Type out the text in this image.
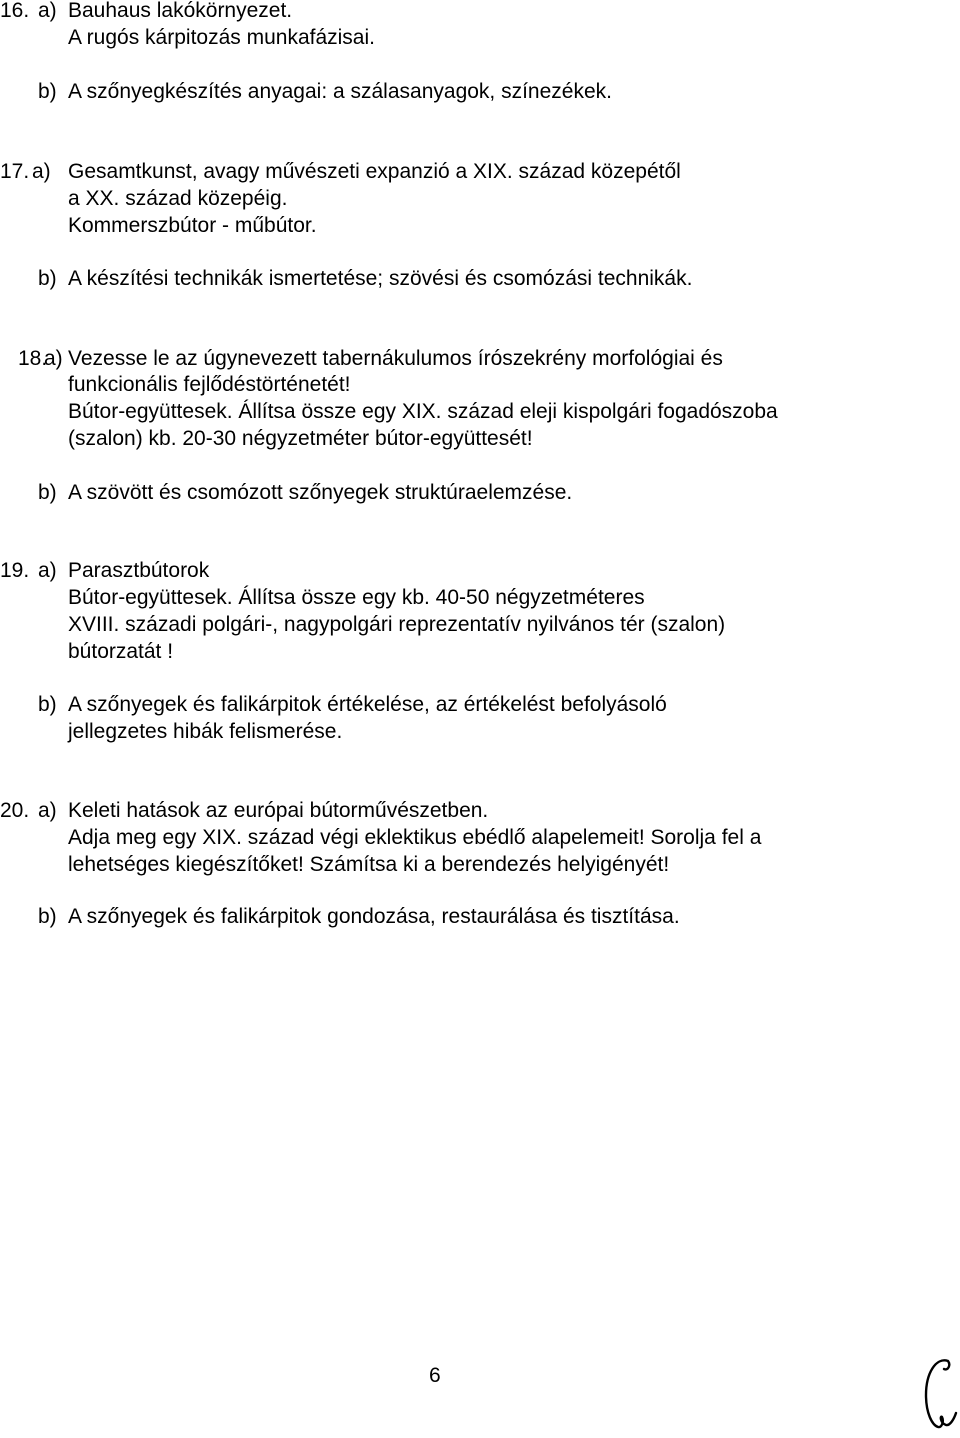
16. a) Bauhaus lakókörnyezet.
A rugós kárpitozás munkafázisai.
b) A szőnyegkészítés anyagai: a szálasanyagok, színezékek.
17. a) Gesamtkunst, avagy művészeti expanzió a XIX. század közepétől
a XX. század közepéig.
Kommerszbútor - műbútor.
b) A készítési technikák ismertetése; szövési és csomózási technikák.
18.
a) Vezesse le az úgynevezett tabernákulumos írószekrény morfológiai és
funkcionális fejlődéstörténetét!
Bútor-együttesek. Állítsa össze egy XIX. század eleji kispolgári fogadószoba
(szalon) kb. 20-30 négyzetméter bútor-együttesét!
b) A szövött és csomózott szőnyegek struktúraelemzése.
19. a) Parasztbútorok
Bútor-együttesek. Állítsa össze egy kb. 40-50 négyzetméteres
XVIII. századi polgári-, nagypolgári reprezentatív nyilvános tér (szalon)
bútorzatát !
b) A szőnyegek és falikárpitok értékelése, az értékelést befolyásoló
jellegzetes hibák felismerése.
20. a) Keleti hatások az európai bútorművészetben.
Adja meg egy XIX. század végi eklektikus ebédlő alapelemeit! Sorolja fel a
lehetséges kiegészítőket! Számítsa ki a berendezés helyigényét!
b) A szőnyegek és falikárpitok gondozása, restaurálása és tisztítása.
6
